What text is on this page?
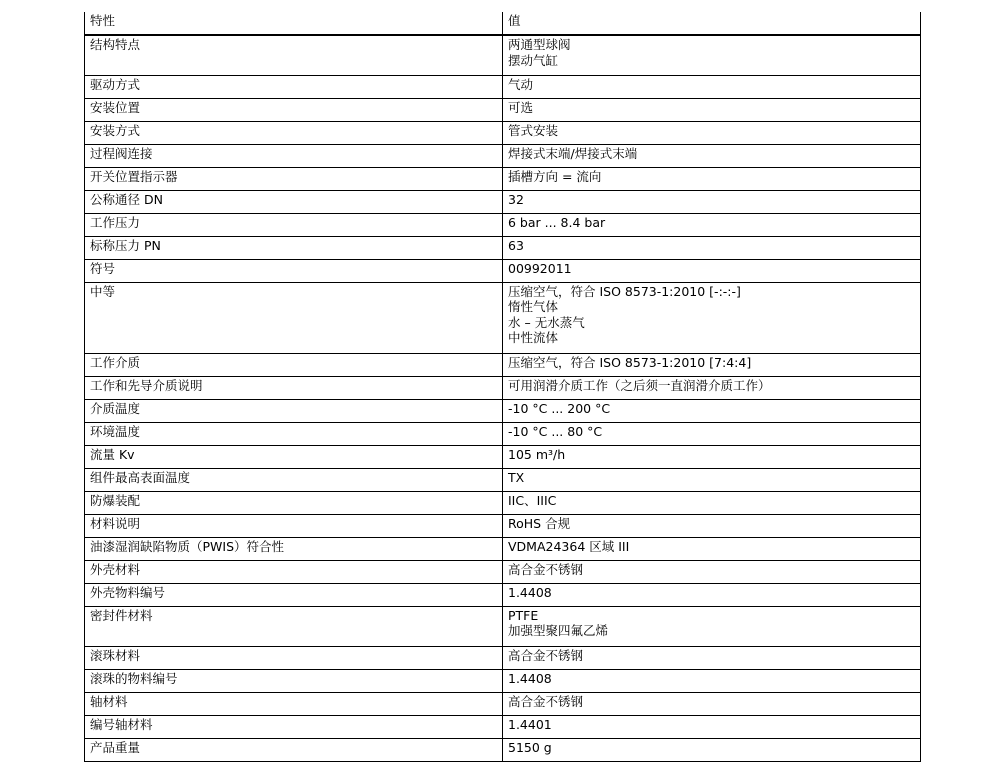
特性	值
结构特点	两通型球阀
摆动气缸

驱动方式	气动

安装位置	可选

安装方式	管式安装

过程阀连接	焊接式末端/焊接式末端

开关位置指示器	插槽方向 = 流向

公称通径 DN	32

工作压力	6 bar ... 8.4 bar

标称压力 PN	63

符号	00992011

中等	压缩空气，符合 ISO 8573-1:2010 [-:-:-]
惰性气体
水 – 无水蒸气
中性流体

工作介质	压缩空气，符合 ISO 8573-1:2010 [7:4:4]

工作和先导介质说明	可用润滑介质工作（之后须一直润滑介质工作）

介质温度	-10 °C ... 200 °C

环境温度	-10 °C ... 80 °C

流量 Kv	105 m³/h

组件最高表面温度	TX

防爆装配	IIC、IIIC

材料说明	RoHS 合规

油漆湿润缺陷物质（PWIS）符合性	VDMA24364 区域 III

外壳材料	高合金不锈钢

外壳物料编号	1.4408

密封件材料	PTFE
加强型聚四氟乙烯

滚珠材料	高合金不锈钢

滚珠的物料编号	1.4408

轴材料	高合金不锈钢

编号轴材料	1.4401

产品重量	5150 g
